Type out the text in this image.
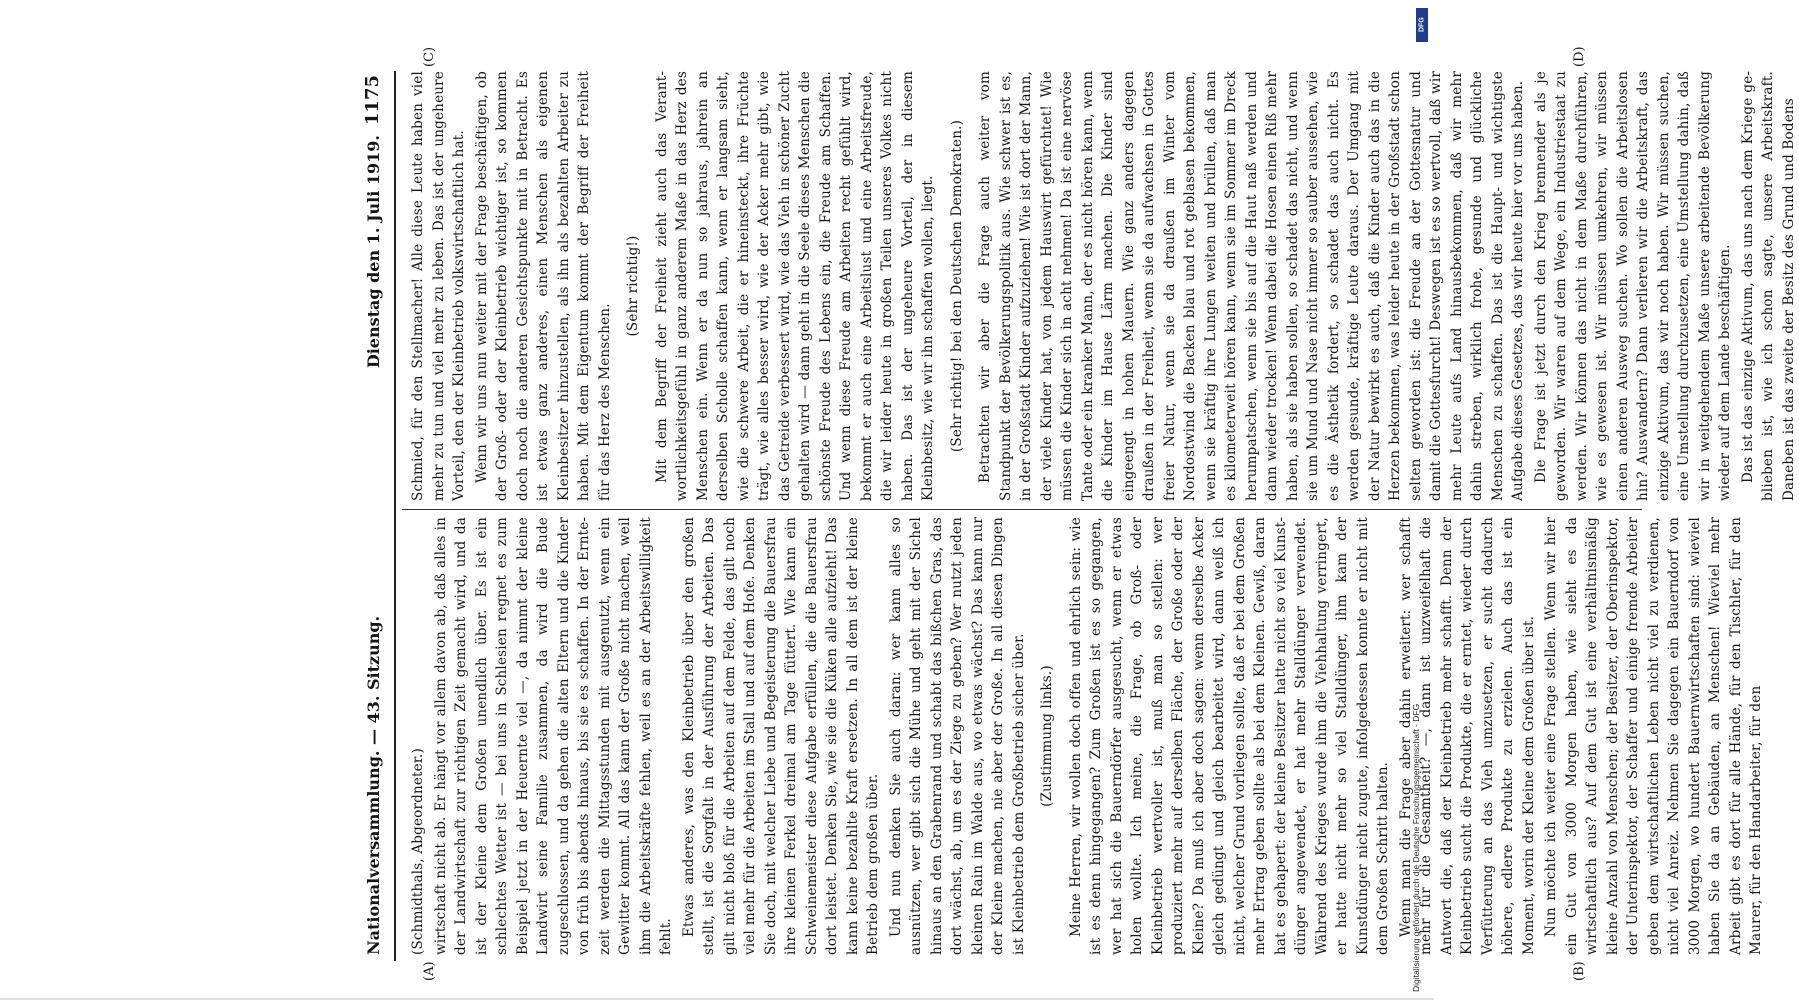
Nationalversammlung. — 43. Sitzung.
Dienstag den 1. Juli 1919.
1175

(Schmidthals, Abgeordneter.) wirtschaft nicht ab. Er hängt vor allem davon ab, daß alles in der Landwirtschaft zur richtigen Zeit gemacht wird, und da ist der Kleine dem Großen unendlich über. Es ist ein schlechtes Wetter ist — bei uns in Schlesien regnet es zum Beispiel jetzt in der Heuernte viel —, da nimmt der kleine Landwirt seine Familie zusammen, da wird die Bude zugeschlossen, und da gehen die alten Eltern und die Kinder von früh bis abends hinaus, bis sie es schaffen. In der Erntezeit werden die Mittagsstunden mit ausgenutzt, wenn ein Gewitter kommt. All das kann der Große nicht machen, weil ihm die Arbeitskräfte fehlen, weil es an der Arbeitswilligkeit fehlt. Etwas anderes, was den Kleinbetrieb über den großen stellt, ist die Sorgfalt in der Ausführung der Arbeiten. Das gilt nicht bloß für die Arbeiten auf dem Felde, das gilt noch viel mehr für die Arbeiten im Stall und auf dem Hofe. Denken Sie doch, mit welcher Liebe und Begeisterung die Bauersfrau ihre kleinen Ferkel dreimal am Tage füttert. Wie kann ein Schweinemeister diese Aufgabe erfüllen, die die Bauersfrau dort leistet. Denken Sie, wie sie die Küken alle aufzieht! Das kann keine bezahlte Kraft ersetzen. In all dem ist der kleine Betrieb dem großen über. Und nun denken Sie auch daran: wer kann alles so ausnützen, wer gibt sich die Mühe und geht mit der Sichel hinaus an den Grabenrand und schabt das bißchen Gras, das dort wächst, ab, um es der Ziege zu geben? Wer nutzt jeden kleinen Rain im Walde aus, wo etwas wächst? Das kann nur der Kleine machen, nie aber der Große. In all diesen Dingen ist Kleinbetrieb dem Großbetrieb sicher über. (Zustimmung links.) Meine Herren, wir wollen doch offen und ehrlich sein: wie ist es denn hingegangen? Zum Großen ist es so gegangen, wer hat sich die Bauerndörfer ausgesucht, wenn er etwas holen wollte. Ich meine, die Frage, ob Groß- oder Kleinbetrieb wertvoller ist, muß man so stellen: wer produziert mehr auf derselben Fläche, der Große oder der Kleine? Da muß ich aber doch sagen: wenn derselbe Acker gleich gedüngt und gleich bearbeitet wird, dann weiß ich nicht, welcher Grund vorliegen sollte, daß er bei dem Großen mehr Ertrag geben sollte als bei dem Kleinen. Gewiß, daran hat es gehapert: der kleine Besitzer hatte nicht so viel Kunstdünger angewendet, er hat mehr Stalldünger verwendet. Während des Krieges wurde ihm die Viehhaltung verringert, er hatte nicht mehr so viel Stalldünger, ihm kam der Kunstdünger nicht zugute, infolgedessen konnte er nicht mit dem Großen Schritt halten. Wenn man die Frage aber dahin erweitert: wer schafft mehr für die Gesamtheit? —, dann ist unzweifelhaft die Antwort die, daß der Kleinbetrieb mehr schafft. Denn der Kleinbetrieb sucht die Produkte, die er erntet, wieder durch Verfütterung an das Vieh umzusetzen, er sucht dadurch höhere, edlere Produkte zu erzielen. Auch das ist ein Moment, worin der Kleine dem Großen über ist. Nun möchte ich weiter eine Frage stellen. Wenn wir hier ein Gut von 3000 Morgen haben, wie sieht es da wirtschaftlich aus? Auf dem Gut ist eine verhältnismäßig kleine Anzahl von Menschen; der Besitzer, der Oberinspektor, der Unterinspektor, der Schaffer und einige fremde Arbeiter geben dem wirtschaftlichen Leben nicht viel zu verdienen, nicht viel Anreiz. Nehmen Sie dagegen ein Bauerndorf von 3000 Morgen, wo hundert Bauernwirtschaften sind: wieviel haben Sie da an Gebäuden, an Menschen! Wieviel mehr Arbeit gibt es dort für alle Hände, für den Tischler, für den Maurer, für den Handarbeiter, für den

Schmied, für den Stellmacher! Alle diese Leute haben viel mehr zu tun und viel mehr zu leben. Das ist der ungeheure Vorteil, den der Kleinbetrieb volkswirtschaftlich hat. Wenn wir uns nun weiter mit der Frage beschäftigen, ob der Groß- oder der Kleinbetrieb wichtiger ist, so kommen doch noch die anderen Gesichtspunkte mit in Betracht. Es ist etwas ganz anderes, einen Menschen als eigenen Kleinbesitzer hinzustellen, als ihn als bezahlten Arbeiter zu haben. Mit dem Eigentum kommt der Begriff der Freiheit für das Herz des Menschen.

(Sehr richtig!) Mit dem Begriff der Freiheit zieht auch das Verantwortlichkeitsgefühl in ganz anderem Maße in das Herz des Menschen ein. Wenn er da nun so jahraus, jahrein an derselben Scholle schaffen kann, wenn er langsam sieht, wie die schwere Arbeit, die er hineinsteckt, ihre Früchte trägt, wie alles besser wird, wie der Acker mehr gibt, wie das Getreide verbessert wird, wie das Vieh in schöner Zucht gehalten wird — dann geht in die Seele dieses Menschen die schönste Freude des Lebens ein, die Freude am Schaffen. Und wenn diese Freude am Arbeiten recht gefühlt wird, bekommt er auch eine Arbeitslust und eine Arbeitsfreude, die wir leider heute in großen Teilen unseres Volkes nicht haben. Das ist der ungeheure Vorteil, der in diesem Kleinbesitz, wie wir ihn schaffen wollen, liegt. (Sehr richtig! bei den Deutschen Demokraten.) Betrachten wir aber die Frage auch weiter vom Standpunkt der Bevölkerungspolitik aus. Wie schwer ist es, in der Großstadt Kinder aufzuziehen! Wie ist dort der Mann, der viele Kinder hat, von jedem Hauswirt gefürchtet! Wie müssen die Kinder sich in acht nehmen! Da ist eine nervöse Tante oder ein kranker Mann, der es nicht hören kann, wenn die Kinder im Hause Lärm machen. Die Kinder sind eingeengt in hohen Mauern. Wie ganz anders dagegen draußen in der Freiheit, wenn sie da aufwachsen in Gottes freier Natur, wenn sie da draußen im Winter vom Nordostwind die Backen blau und rot geblasen bekommen, wenn sie kräftig ihre Lungen weiten und brüllen, daß man es kilometerweit hören kann, wenn sie im Sommer im Dreck herumpatschen, wenn sie bis auf die Haut naß werden und dann wieder trocken! Wenn dabei die Hosen einen Riß mehr haben, als sie haben sollen, so schadet das nicht, und wenn sie um Mund und Nase nicht immer so sauber aussehen, wie es die Ästhetik fordert, so schadet das auch nicht. Es werden gesunde, kräftige Leute daraus. Der Umgang mit der Natur bewirkt es auch, daß die Kinder auch das in die Herzen bekommen, was leider heute in der Großstadt schon selten geworden ist: die Freude an der Gottesnatur und damit die Gottesfurcht! Deswegen ist es so wertvoll, daß wir mehr Leute aufs Land hinausbekommen, daß wir mehr dahin streben, wirklich frohe, gesunde und glückliche Menschen zu schaffen. Das ist die Haupt- und wichtigste Aufgabe dieses Gesetzes, das wir heute hier vor uns haben. Die Frage ist jetzt durch den Krieg brennender als je geworden. Wir waren auf dem Wege, ein Industriestaat zu werden. Wir können das nicht in dem Maße durchführen, wie es gewesen ist. Wir müssen umkehren, wir müssen einen anderen Ausweg suchen. Wo sollen die Arbeitslosen hin? Auswandern? Dann verlieren wir die Arbeitskraft, das einzige Aktivum, das wir noch haben. Wir müssen suchen, eine Umstellung durchzusetzen, eine Umstellung dahin, daß wir in weitgehendem Maße unsere arbeitende Bevölkerung wieder auf dem Lande beschäftigen. Das ist das einzige Aktivum, das uns nach dem Kriege geblieben ist, wie ich schon sagte, unsere Arbeitskraft. Daneben ist das zweite der Besitz des Grund und Bodens

(A)	(B)
(C)	(D)
Digitalisierung gefördert durch die Deutsche Forschungsgemeinschaft - DFG
DFG
